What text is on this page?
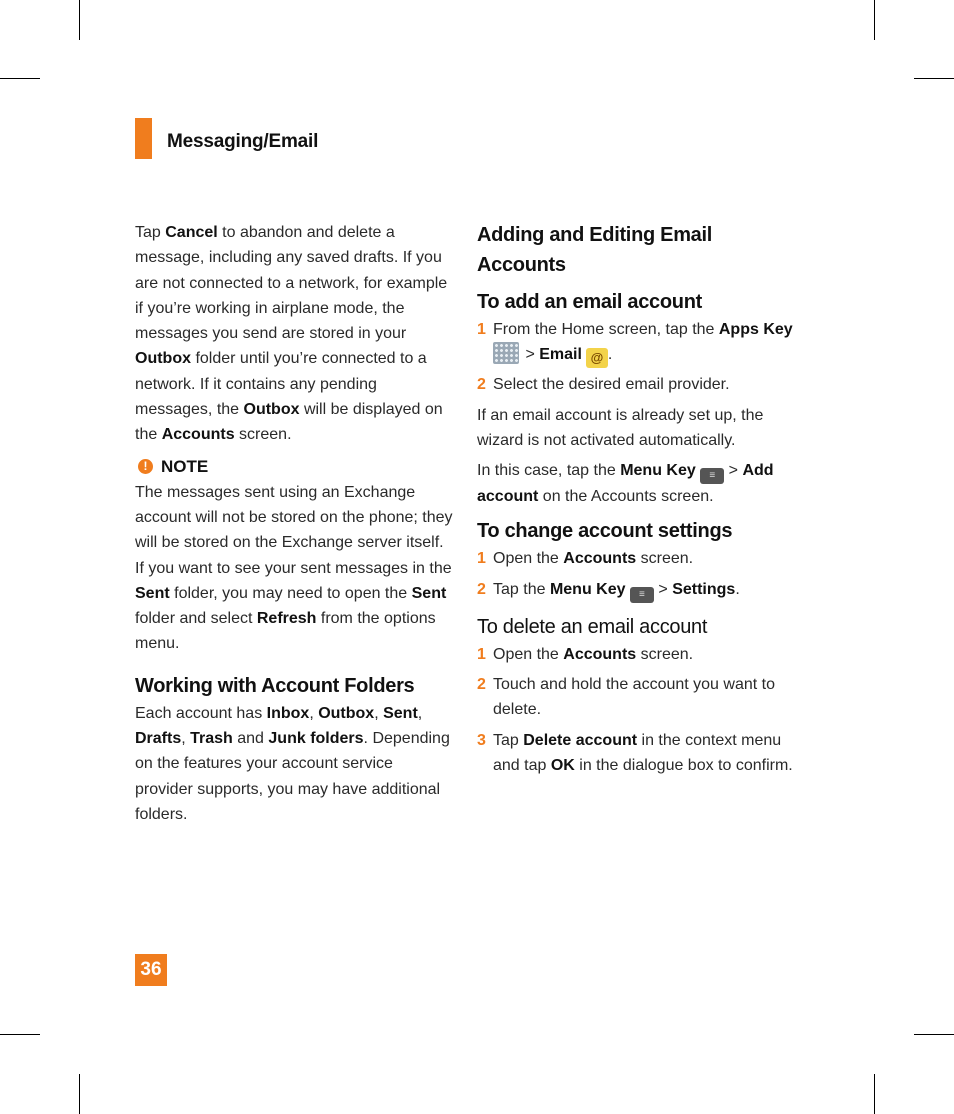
Messaging/Email

Tap Cancel to abandon and delete a message, including any saved drafts. If you are not connected to a network, for example if you’re working in airplane mode, the messages you send are stored in your Outbox folder until you’re connected to a network. If it contains any pending messages, the Outbox will be displayed on the Accounts screen.

! NOTE

The messages sent using an Exchange account will not be stored on the phone; they will be stored on the Exchange server itself. If you want to see your sent messages in the Sent folder, you may need to open the Sent folder and select Refresh from the options menu.

Working with Account Folders

Each account has Inbox, Outbox, Sent, Drafts, Trash and Junk folders. Depending on the features your account service provider supports, you may have additional folders.

Adding and Editing Email Accounts
To add an email account
1 From the Home screen, tap the Apps Key
> Email @ .
2 Select the desired email provider.

If an email account is already set up, the wizard is not activated automatically.

In this case, tap the Menu Key ≡ > Add account on the Accounts screen.

To change account settings
1 Open the Accounts screen.
2 Tap the Menu Key ≡ > Settings.
To delete an email account
1 Open the Accounts screen.
2 Touch and hold the account you want to delete.
3 Tap Delete account in the context menu and tap OK in the dialogue box to confirm.
36
